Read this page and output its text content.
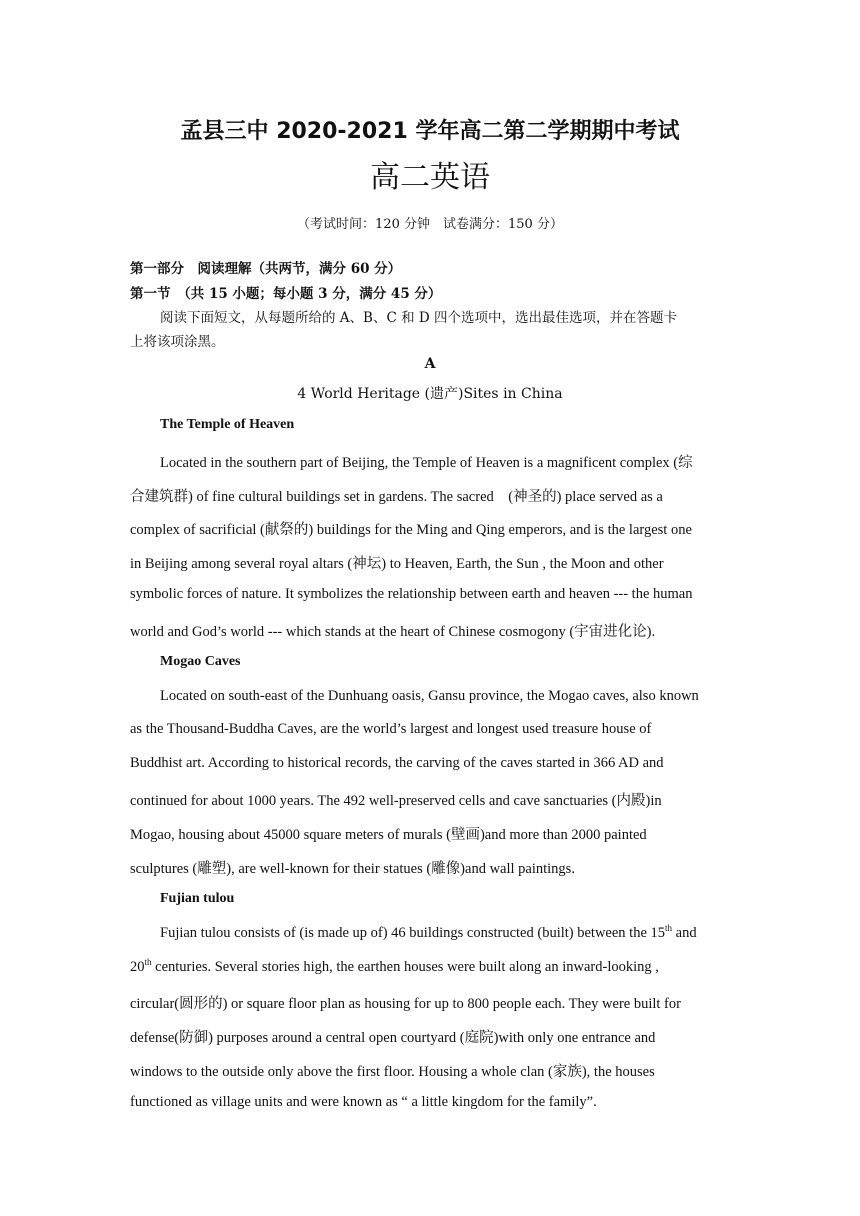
孟县三中 2020-2021 学年高二第二学期期中考试
高二英语
（考试时间：120 分钟　试卷满分：150 分）
第一部分　阅读理解（共两节，满分 60 分）
第一节　（共 15 小题；每小题 3 分，满分 45 分）
阅读下面短文，从每题所给的 A、B、C 和 D 四个选项中，选出最佳选项，并在答题卡
上将该项涂黑。
A
4 World Heritage (遗产)Sites in China
The Temple of Heaven
Located in the southern part of Beijing, the Temple of Heaven is a magnificent complex (综
合建筑群) of fine cultural buildings set in gardens. The sacred　(神圣的) place served as a
complex of sacrificial (献祭的) buildings for the Ming and Qing emperors, and is the largest one
in Beijing among several royal altars (神坛) to Heaven, Earth, the Sun , the Moon and other
symbolic forces of nature. It symbolizes the relationship between earth and heaven --- the human
world and God’s world --- which stands at the heart of Chinese cosmogony (宇宙进化论).
Mogao Caves
Located on south-east of the Dunhuang oasis, Gansu province, the Mogao caves, also known
as the Thousand-Buddha Caves, are the world’s largest and longest used treasure house of
Buddhist art. According to historical records, the carving of the caves started in 366 AD and
continued for about 1000 years. The 492 well-preserved cells and cave sanctuaries (内殿)in
Mogao, housing about 45000 square meters of murals (壁画)and more than 2000 painted
sculptures (雕塑), are well-known for their statues (雕像)and wall paintings.
Fujian tulou
Fujian tulou consists of (is made up of) 46 buildings constructed (built) between the 15th and
20th centuries. Several stories high, the earthen houses were built along an inward-looking ,
circular(圆形的) or square floor plan as housing for up to 800 people each. They were built for
defense(防御) purposes around a central open courtyard (庭院)with only one entrance and
windows to the outside only above the first floor. Housing a whole clan (家族), the houses
functioned as village units and were known as “ a little kingdom for the family”.
